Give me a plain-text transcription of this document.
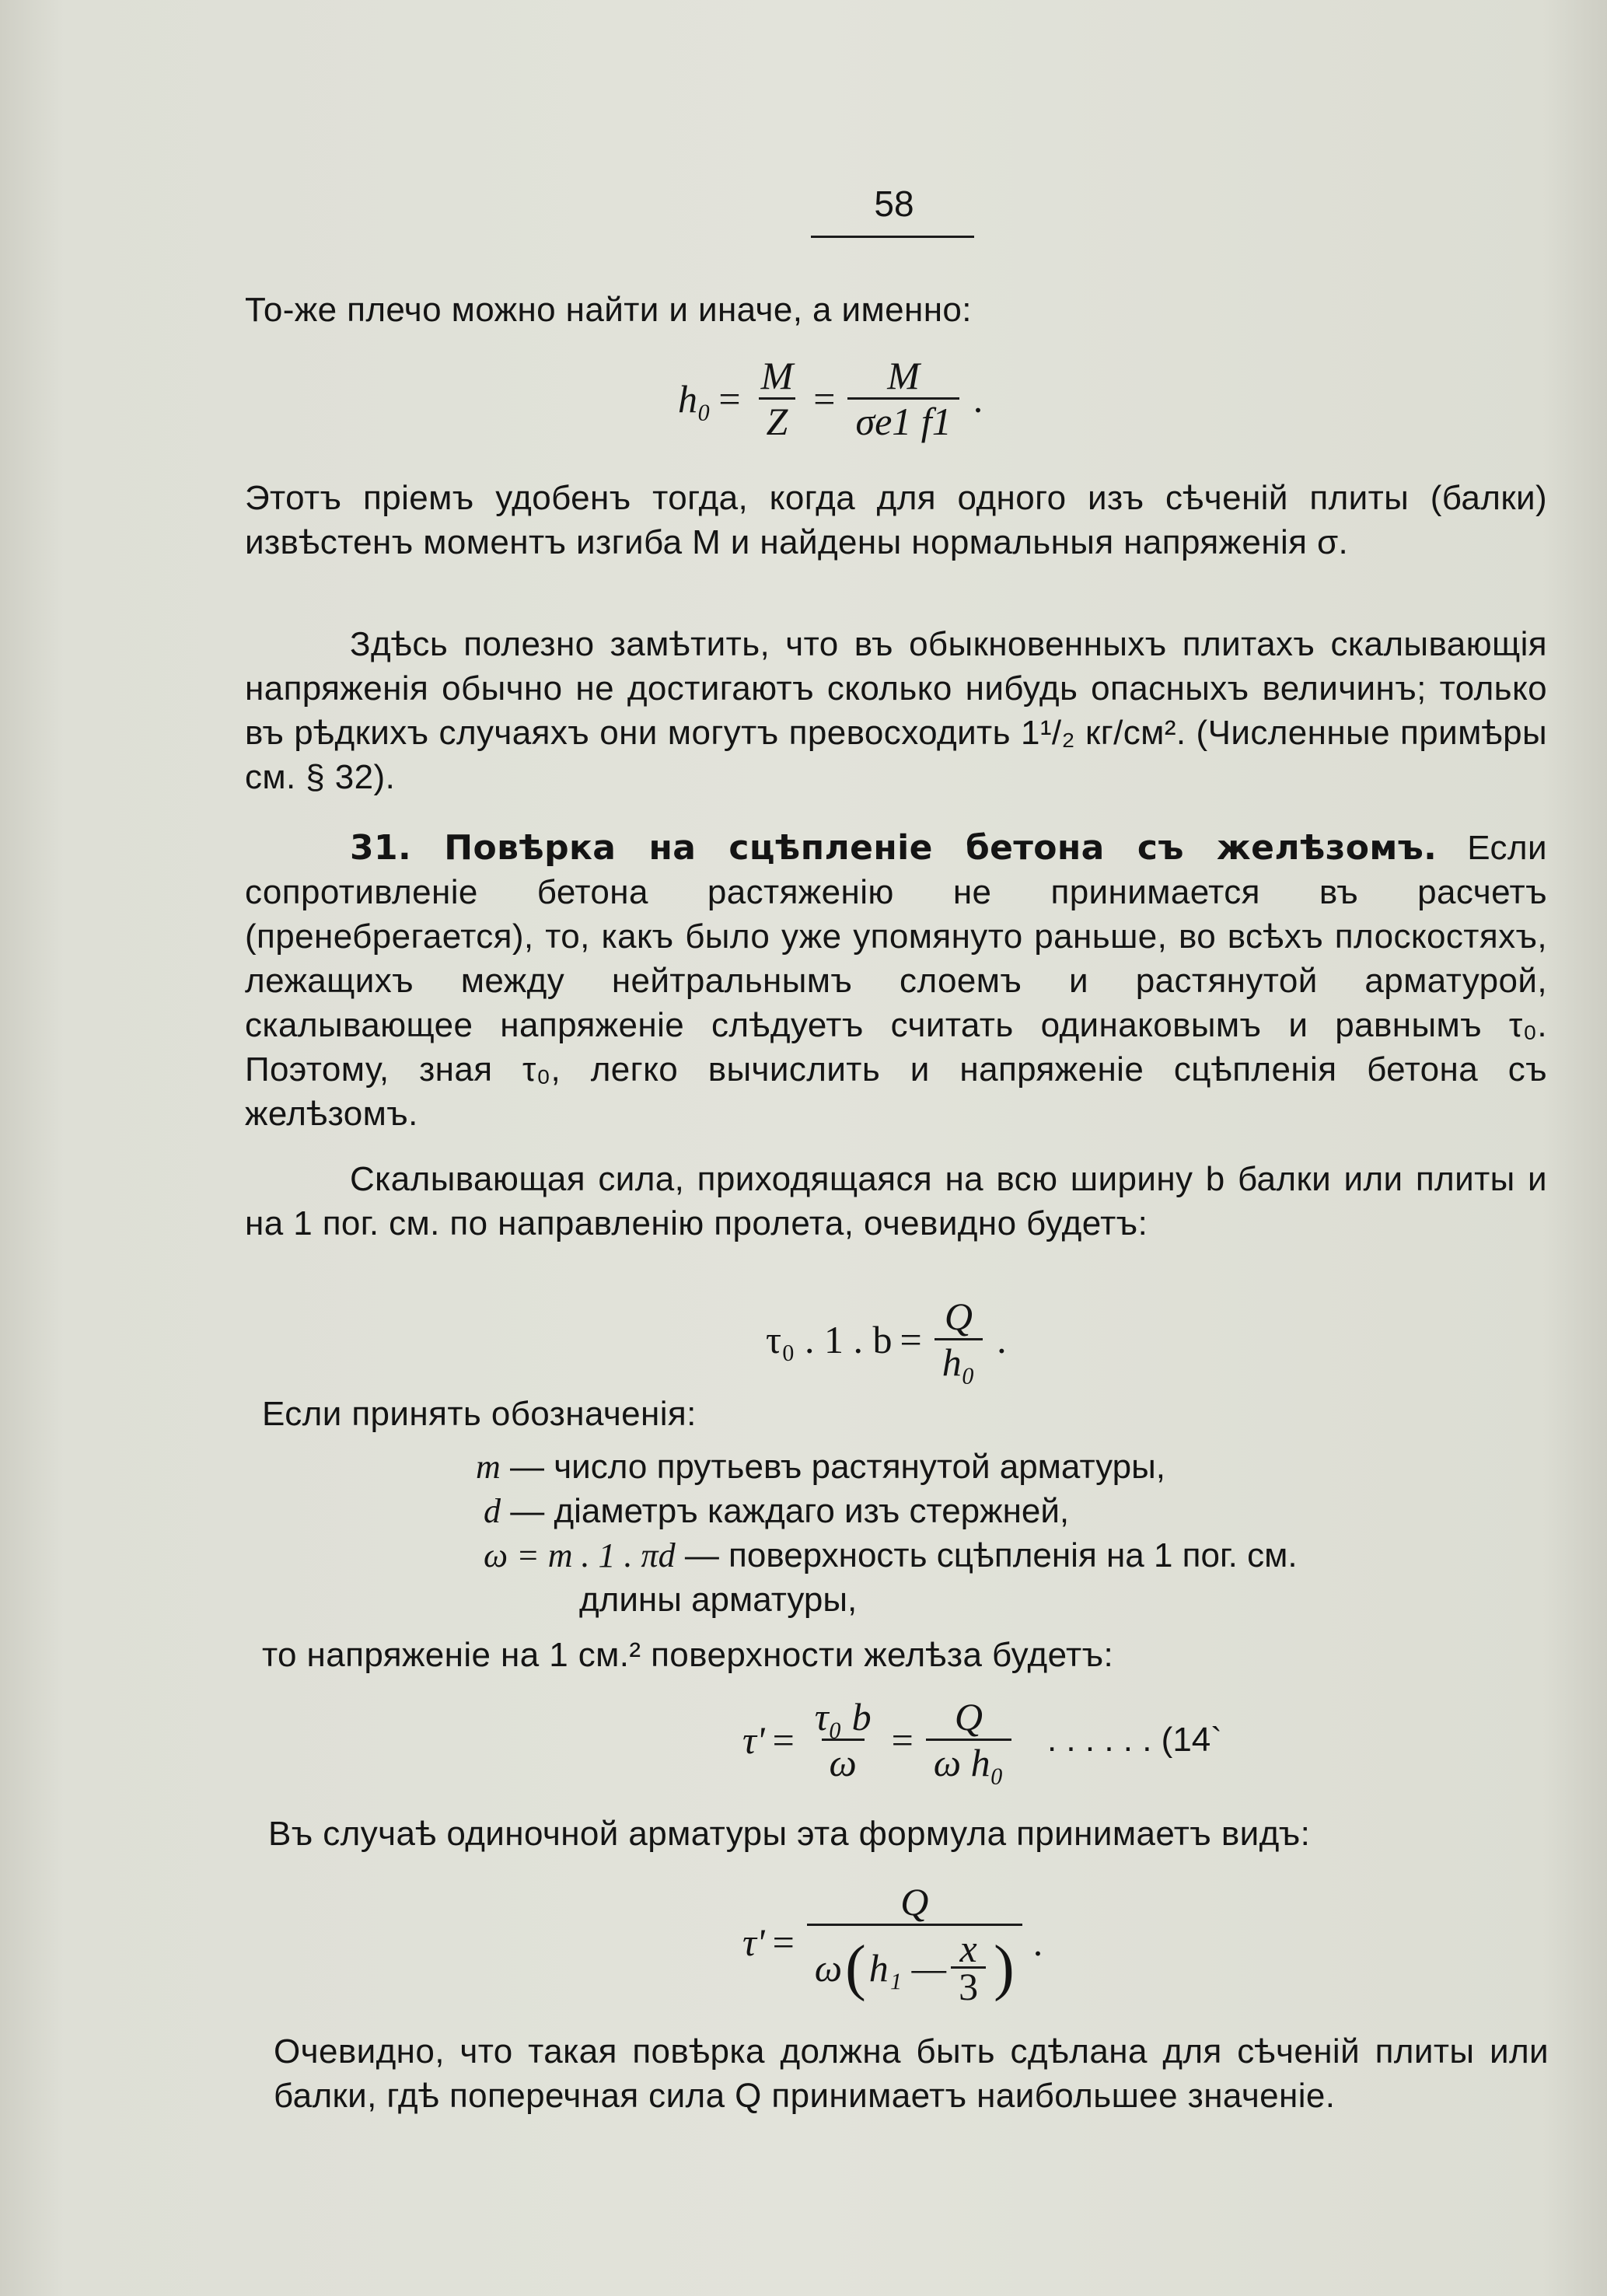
58

То-же плечо можно найти и иначе, а именно:

$h_0 = \frac{M}{Z} = \frac{M}{\sigma e1 f1}$ .

Этотъ пріемъ удобенъ тогда, когда для одного изъ сѣченій плиты (балки) извѣстенъ моментъ изгиба M и найдены нормальныя напряженія σ.

Здѣсь полезно замѣтить, что въ обыкновенныхъ плитахъ скалывающія напряженія обычно не достигаютъ сколько нибудь опасныхъ величинъ; только въ рѣдкихъ случаяхъ они могутъ превосходить 1¹/₂ кг/см². (Численные примѣры см. § 32).

31. Повѣрка на сцѣпленіе бетона съ желѣзомъ. Если сопротивленіе бетона растяженію не принимается въ расчетъ (пренебрегается), то, какъ было уже упомянуто раньше, во всѣхъ плоскостяхъ, лежащихъ между нейтральнымъ слоемъ и растянутой арматурой, скалывающее напряженіе слѣдуетъ считать одинаковымъ и равнымъ τ₀. Поэтому, зная τ₀, легко вычислить и напряженіе сцѣпленія бетона съ желѣзомъ.

Скалывающая сила, приходящаяся на всю ширину b балки или плиты и на 1 пог. см. по направленію пролета, очевидно будетъ:

τ₀ . 1 . $b = \frac{Q}{\text{h₀}}$ .

Если принять обозначенія:

m — число прутьевъ растянутой арматуры,
d — діаметръ каждаго изъ стержней,
ω = m . 1 . πd — поверхность сцѣпленія на 1 пог. см.
длины арматуры,

то напряженіе на 1 см.² поверхности желѣза будетъ:

$\tau' = \frac{\text{τ₀ b}}{\omega} = \frac{Q}{\text{ω h₀}}$ . . . . . . (14`

Въ случаѣ одиночной арматуры эта формула принимаетъ видъ:

τ' =
Q
ω ( h₁ — $\frac{x}{3}$ ) .

Очевидно, что такая повѣрка должна быть сдѣлана для сѣченій плиты или балки, гдѣ поперечная сила Q принимаетъ наибольшее значеніе.
